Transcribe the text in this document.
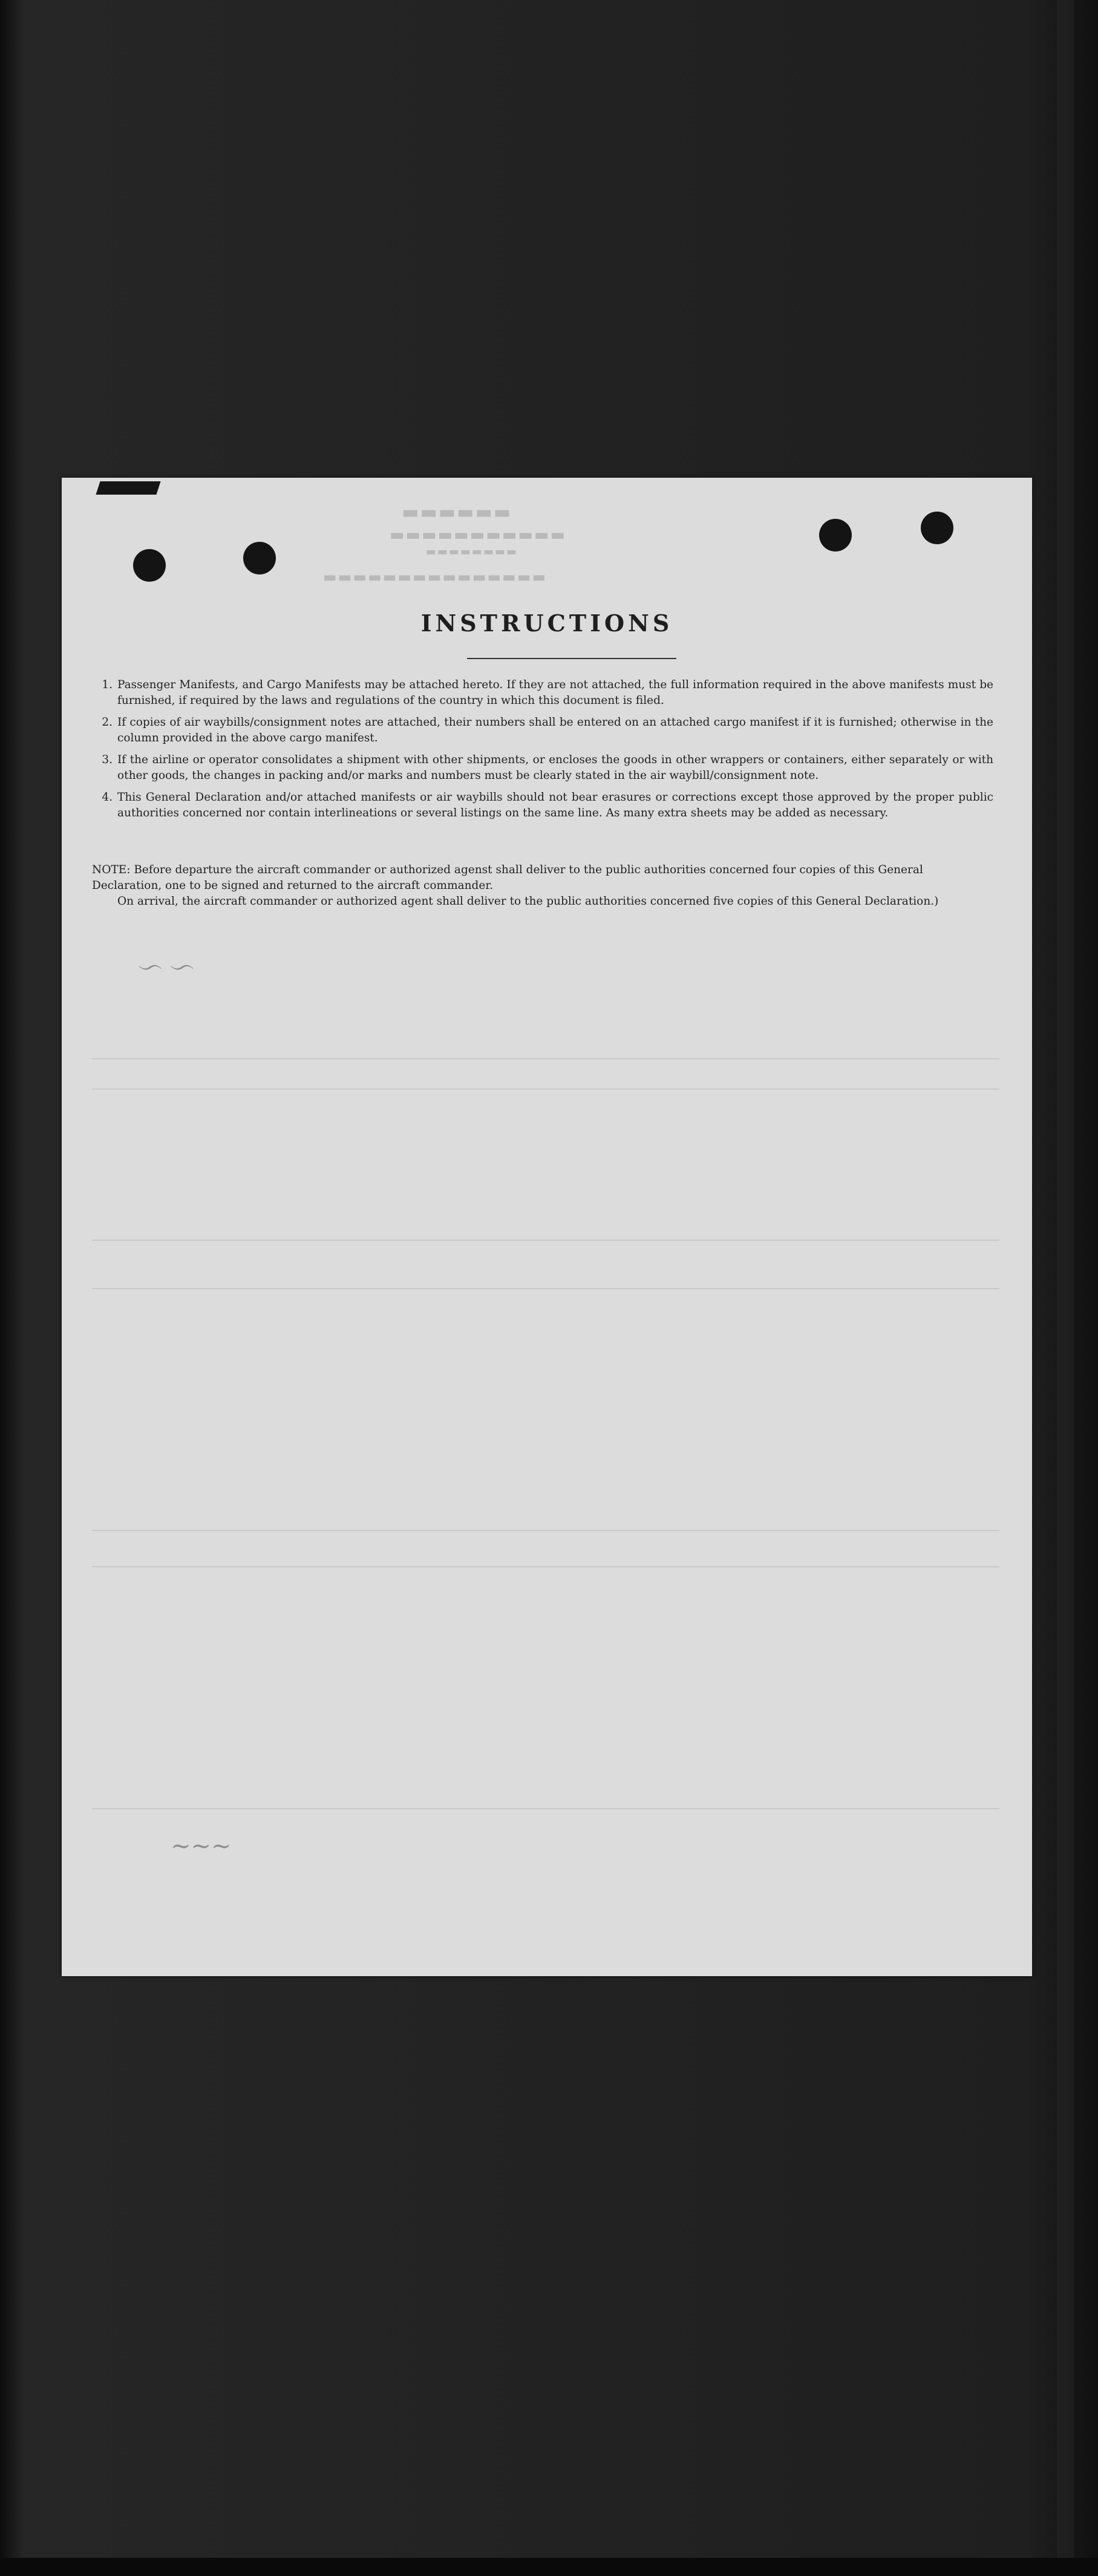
▬▬▬▬▬▬
▬▬▬▬▬▬▬▬▬▬▬
▬▬▬▬▬▬▬▬
▬▬▬▬▬▬▬▬▬▬▬▬▬▬▬
〜 〜
∽∽∽
INSTRUCTIONS
1. Passenger Manifests, and Cargo Manifests may be attached hereto. If they are not attached, the full information required in the above manifests must be furnished, if required by the laws and regulations of the country in which this document is filed.
2. If copies of air waybills/consignment notes are attached, their numbers shall be entered on an attached cargo manifest if it is furnished; otherwise in the column provided in the above cargo manifest.
3. If the airline or operator consolidates a shipment with other shipments, or encloses the goods in other wrappers or containers, either separately or with other goods, the changes in packing and/or marks and numbers must be clearly stated in the air waybill/consignment note.
4. This General Declaration and/or attached manifests or air waybills should not bear erasures or corrections except those approved by the proper public authorities concerned nor contain interlineations or several listings on the same line. As many extra sheets may be added as necessary.

NOTE: Before departure the aircraft commander or authorized agenst shall deliver to the public authorities concerned four copies of this General Declaration, one to be signed and returned to the aircraft commander.

On arrival, the aircraft commander or authorized agent shall deliver to the public authorities concerned five copies of this General Declaration.)
